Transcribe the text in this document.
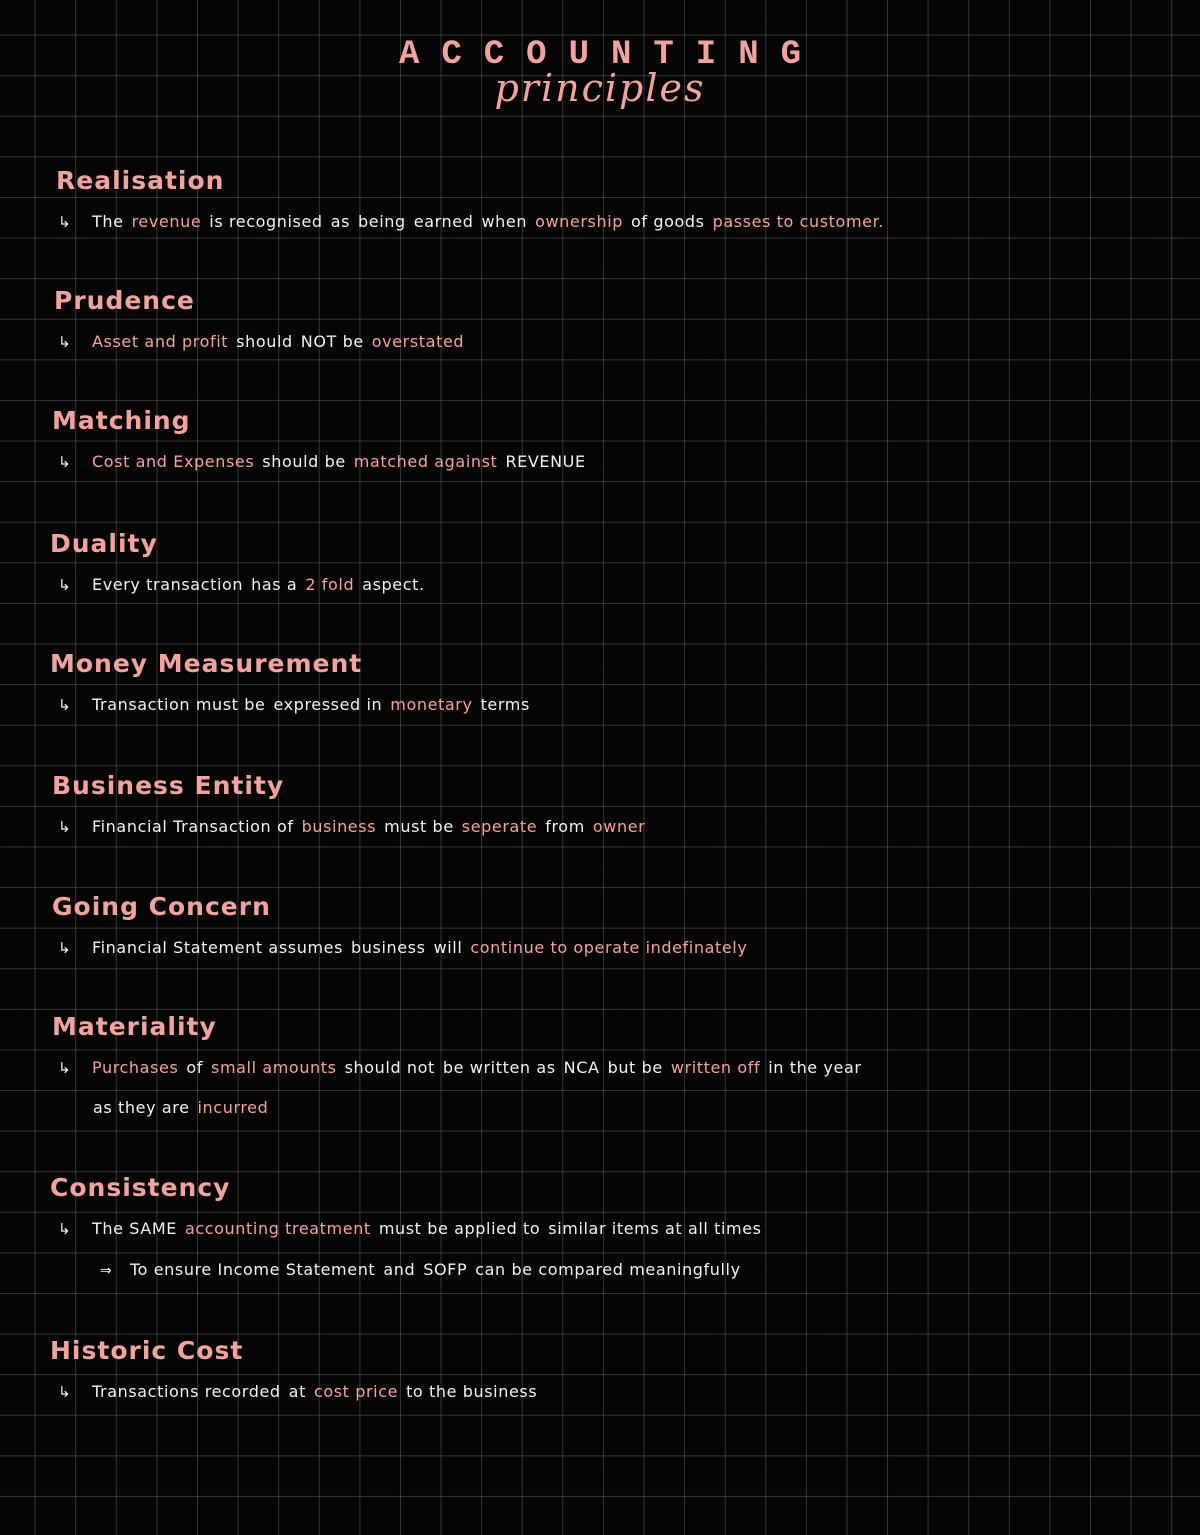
ACCOUNTING
principles
Realisation
↳ The revenue is recognised as being earned when ownership of goods passes to customer.
Prudence
↳ Asset and profit should NOT be overstated
Matching
↳ Cost and Expenses should be matched against REVENUE
Duality
↳ Every transaction has a 2 fold aspect.
Money Measurement
↳ Transaction must be expressed in monetary terms
Business Entity
↳ Financial Transaction of business must be seperate from owner
Going Concern
↳ Financial Statement assumes business will continue to operate indefinately
Materiality
↳ Purchases of small amounts should not be written as NCA but be written off in the year
as they are incurred
Consistency
↳ The SAME accounting treatment must be applied to similar items at all times
⇒ To ensure Income Statement and SOFP can be compared meaningfully
Historic Cost
↳ Transactions recorded at cost price to the business
